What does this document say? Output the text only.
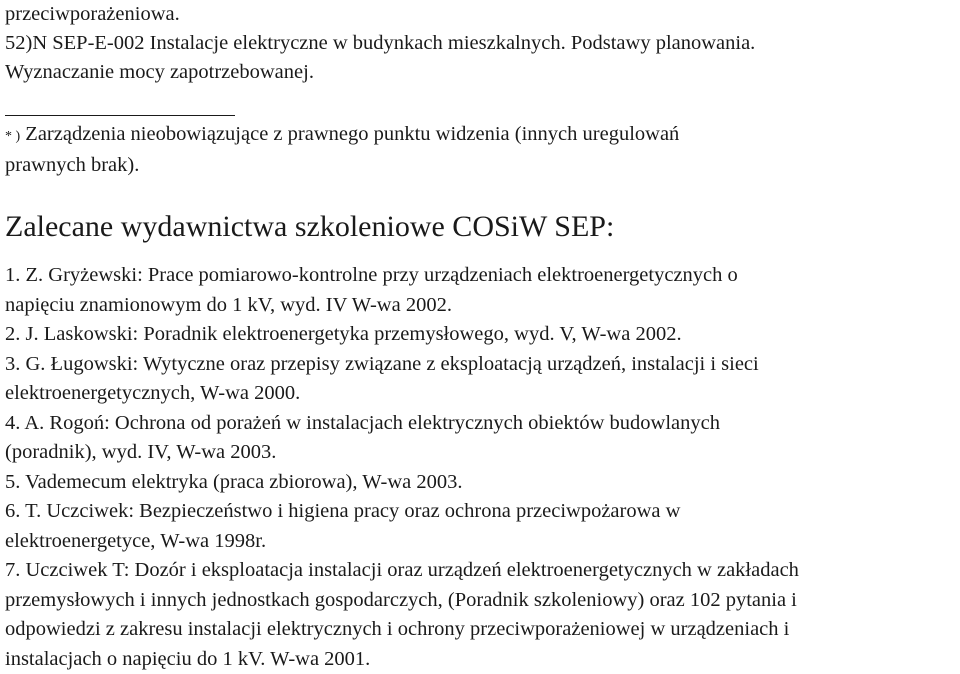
przeciwporażeniowa.
52)N SEP-E-002 Instalacje elektryczne w budynkach mieszkalnych. Podstawy planowania.
Wyznaczanie mocy zapotrzebowanej.
* ) Zarządzenia nieobowiązujące z prawnego punktu widzenia (innych uregulowań
prawnych brak).
Zalecane wydawnictwa szkoleniowe COSiW SEP:
1. Z. Gryżewski: Prace pomiarowo-kontrolne przy urządzeniach elektroenergetycznych o
napięciu znamionowym do 1 kV, wyd. IV W-wa 2002.
2. J. Laskowski: Poradnik elektroenergetyka przemysłowego, wyd. V, W-wa 2002.
3. G. Ługowski: Wytyczne oraz przepisy związane z eksploatacją urządzeń, instalacji i sieci
elektroenergetycznych, W-wa 2000.
4. A. Rogoń: Ochrona od porażeń w instalacjach elektrycznych obiektów budowlanych
(poradnik), wyd. IV, W-wa 2003.
5. Vademecum elektryka (praca zbiorowa), W-wa 2003.
6. T. Uczciwek: Bezpieczeństwo i higiena pracy oraz ochrona przeciwpożarowa w
elektroenergetyce, W-wa 1998r.
7. Uczciwek T: Dozór i eksploatacja instalacji oraz urządzeń elektroenergetycznych w zakładach
przemysłowych i innych jednostkach gospodarczych, (Poradnik szkoleniowy) oraz 102 pytania i
odpowiedzi z zakresu instalacji elektrycznych i ochrony przeciwporażeniowej w urządzeniach i
instalacjach o napięciu do 1 kV. W-wa 2001.
